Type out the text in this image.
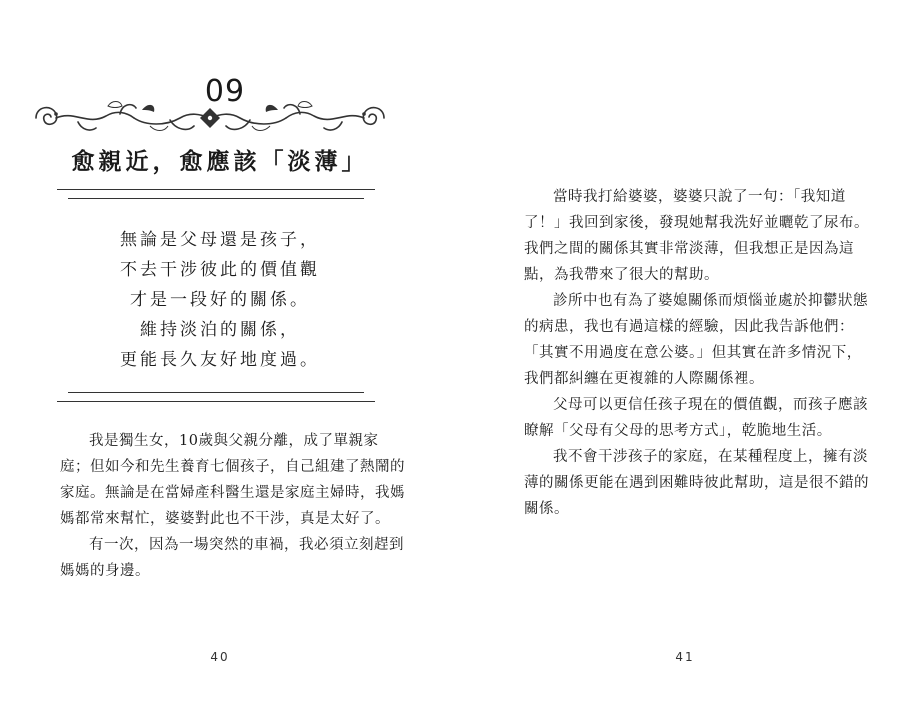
09
愈親近，愈應該「淡薄」
無論是父母還是孩子，
不去干涉彼此的價值觀
才是一段好的關係。
維持淡泊的關係，
更能長久友好地度過。
我是獨生女，10歲與父親分離，成了單親家
庭；但如今和先生養育七個孩子，自己組建了熱鬧的
家庭。無論是在當婦產科醫生還是家庭主婦時，我媽
媽都常來幫忙，婆婆對此也不干涉，真是太好了。
有一次，因為一場突然的車禍，我必須立刻趕到
媽媽的身邊。
40
當時我打給婆婆，婆婆只說了一句：「我知道
了！」我回到家後，發現她幫我洗好並曬乾了尿布。
我們之間的關係其實非常淡薄，但我想正是因為這
點，為我帶來了很大的幫助。
診所中也有為了婆媳關係而煩惱並處於抑鬱狀態
的病患，我也有過這樣的經驗，因此我告訴他們：
「其實不用過度在意公婆。」但其實在許多情況下，
我們都糾纏在更複雜的人際關係裡。
父母可以更信任孩子現在的價值觀，而孩子應該
瞭解「父母有父母的思考方式」，乾脆地生活。
我不會干涉孩子的家庭，在某種程度上，擁有淡
薄的關係更能在遇到困難時彼此幫助，這是很不錯的
關係。
41
